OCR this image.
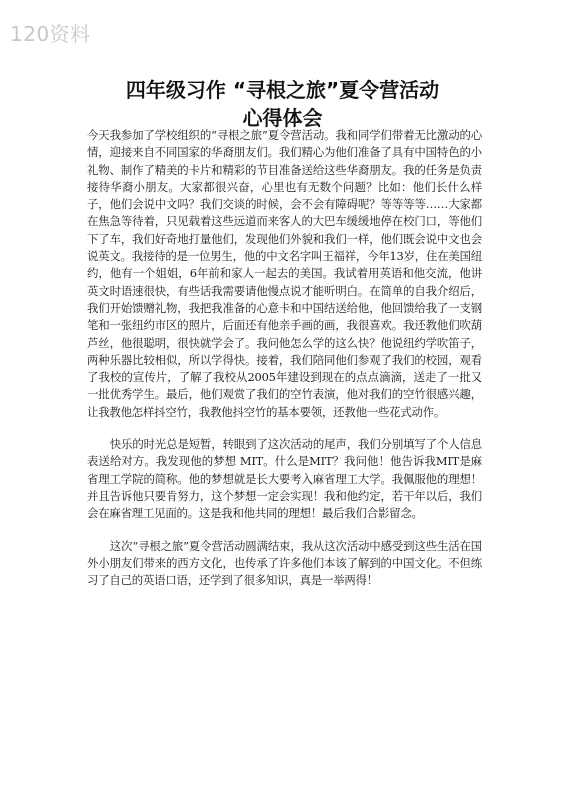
120资料
四年级习作 “寻根之旅”夏令营活动
心得体会

今天我参加了学校组织的“寻根之旅”夏令营活动。我和同学们带着无比激动的心情，迎接来自不同国家的华裔朋友们。我们精心为他们准备了具有中国特色的小礼物、制作了精美的卡片和精彩的节目准备送给这些华裔朋友。我的任务是负责接待华裔小朋友。大家都很兴奋，心里也有无数个问题？比如：他们长什么样子，他们会说中文吗？我们交谈的时候，会不会有障碍呢？等等等等……大家都在焦急等待着，只见载着这些远道而来客人的大巴车缓缓地停在校门口，等他们下了车，我们好奇地打量他们，发现他们外貌和我们一样，他们既会说中文也会说英文。我接待的是一位男生，他的中文名字叫王福祥，今年13岁，住在美国纽约，他有一个姐姐，6年前和家人一起去的美国。我试着用英语和他交流，他讲英文时语速很快，有些话我需要请他慢点说才能听明白。在简单的自我介绍后，我们开始馈赠礼物，我把我准备的心意卡和中国结送给他，他回馈给我了一支钢笔和一张纽约市区的照片，后面还有他亲手画的画，我很喜欢。我还教他们吹葫芦丝，他很聪明，很快就学会了。我问他怎么学的这么快？他说纽约学吹笛子，两种乐器比较相似，所以学得快。接着，我们陪同他们参观了我们的校园，观看了我校的宣传片，了解了我校从2005年建设到现在的点点滴滴，送走了一批又一批优秀学生。最后，他们观赏了我们的空竹表演，他对我们的空竹很感兴趣，让我教他怎样抖空竹，我教他抖空竹的基本要领，还教他一些花式动作。

快乐的时光总是短暂，转眼到了这次活动的尾声，我们分别填写了个人信息表送给对方。我发现他的梦想 MIT。什么是MIT？我问他！他告诉我MIT是麻省理工学院的简称。他的梦想就是长大要考入麻省理工大学。我佩服他的理想！并且告诉他只要肯努力，这个梦想一定会实现！我和他约定，若干年以后，我们会在麻省理工见面的。这是我和他共同的理想！最后我们合影留念。

这次“寻根之旅”夏令营活动圆满结束，我从这次活动中感受到这些生活在国外小朋友们带来的西方文化，也传承了许多他们本该了解到的中国文化。不但练习了自己的英语口语，还学到了很多知识，真是一举两得！
